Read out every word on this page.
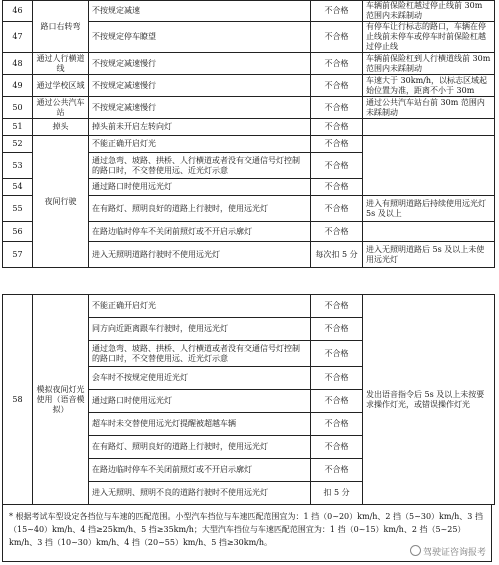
46	路口右转弯	不按规定减速	不合格	车辆前保险杠越过停止线前 30m 范围内未踩制动
47		不按规定停车瞭望	不合格	有停车让行标志的路口，车辆在停止线前未停车或停车时前保险杠越过停止线
48	通过人行横道线	不按规定减速慢行	不合格	车辆前保险杠到人行横道线前 30m 范围内未踩制动
49	通过学校区域	不按规定减速慢行	不合格	车速大于 30km/h，以标志区域起始位置为准，距离不小于 30m
50	通过公共汽车站	不按规定减速慢行	不合格	通过公共汽车站台前 30m 范围内未踩制动
51	掉头	掉头前未开启左转向灯	不合格	
52	夜间行驶	不能正确开启灯光	不合格	
53		通过急弯、坡路、拱桥、人行横道或者没有交通信号灯控制的路口时，不交替使用远、近光灯示意	不合格	
54		通过路口时使用远光灯	不合格	
55		在有路灯、照明良好的道路上行驶时，使用远光灯	不合格	进入有照明道路后持续使用远光灯 5s 及以上
56		在路边临时停车不关闭前照灯或不开启示廓灯	不合格	
57		进入无照明道路行驶时不使用远光灯	每次扣 5 分	进入无照明道路后 5s 及以上未使用远光灯
58	模拟夜间灯光使用（语音模拟）	不能正确开启灯光	不合格	发出语音指令后 5s 及以上未按要求操作灯光，或错误操作灯光
		同方向近距离跟车行驶时，使用远光灯	不合格	
		通过急弯、坡路、拱桥、人行横道或者没有交通信号灯控制的路口时，不交替使用远、近光灯示意	不合格	
		会车时不按规定使用近光灯	不合格	
		通过路口时使用远光灯	不合格	
		超车时未交替使用远光灯提醒被超越车辆	不合格	
		在有路灯、照明良好的道路上行驶时，使用远光灯	不合格	
		在路边临时停车不关闭前照灯或不开启示廓灯	不合格	
		进入无照明、照明不良的道路行驶时不使用远光灯	扣 5 分	
* 根据考试车型设定各挡位与车速的匹配范围。小型汽车挡位与车速匹配范围宜为：1 挡（0~20）km/h、2 挡（5~30）km/h、3 挡（15~40）km/h、4 挡≥25km/h、5 挡≥35km/h；大型汽车挡位与车速匹配范围宜为：1 挡（0~15）km/h、2 挡（5~25）km/h、3 挡（10~30）km/h、4 挡（20~55）km/h、5 挡≥30km/h。
驾驶证咨询报考
